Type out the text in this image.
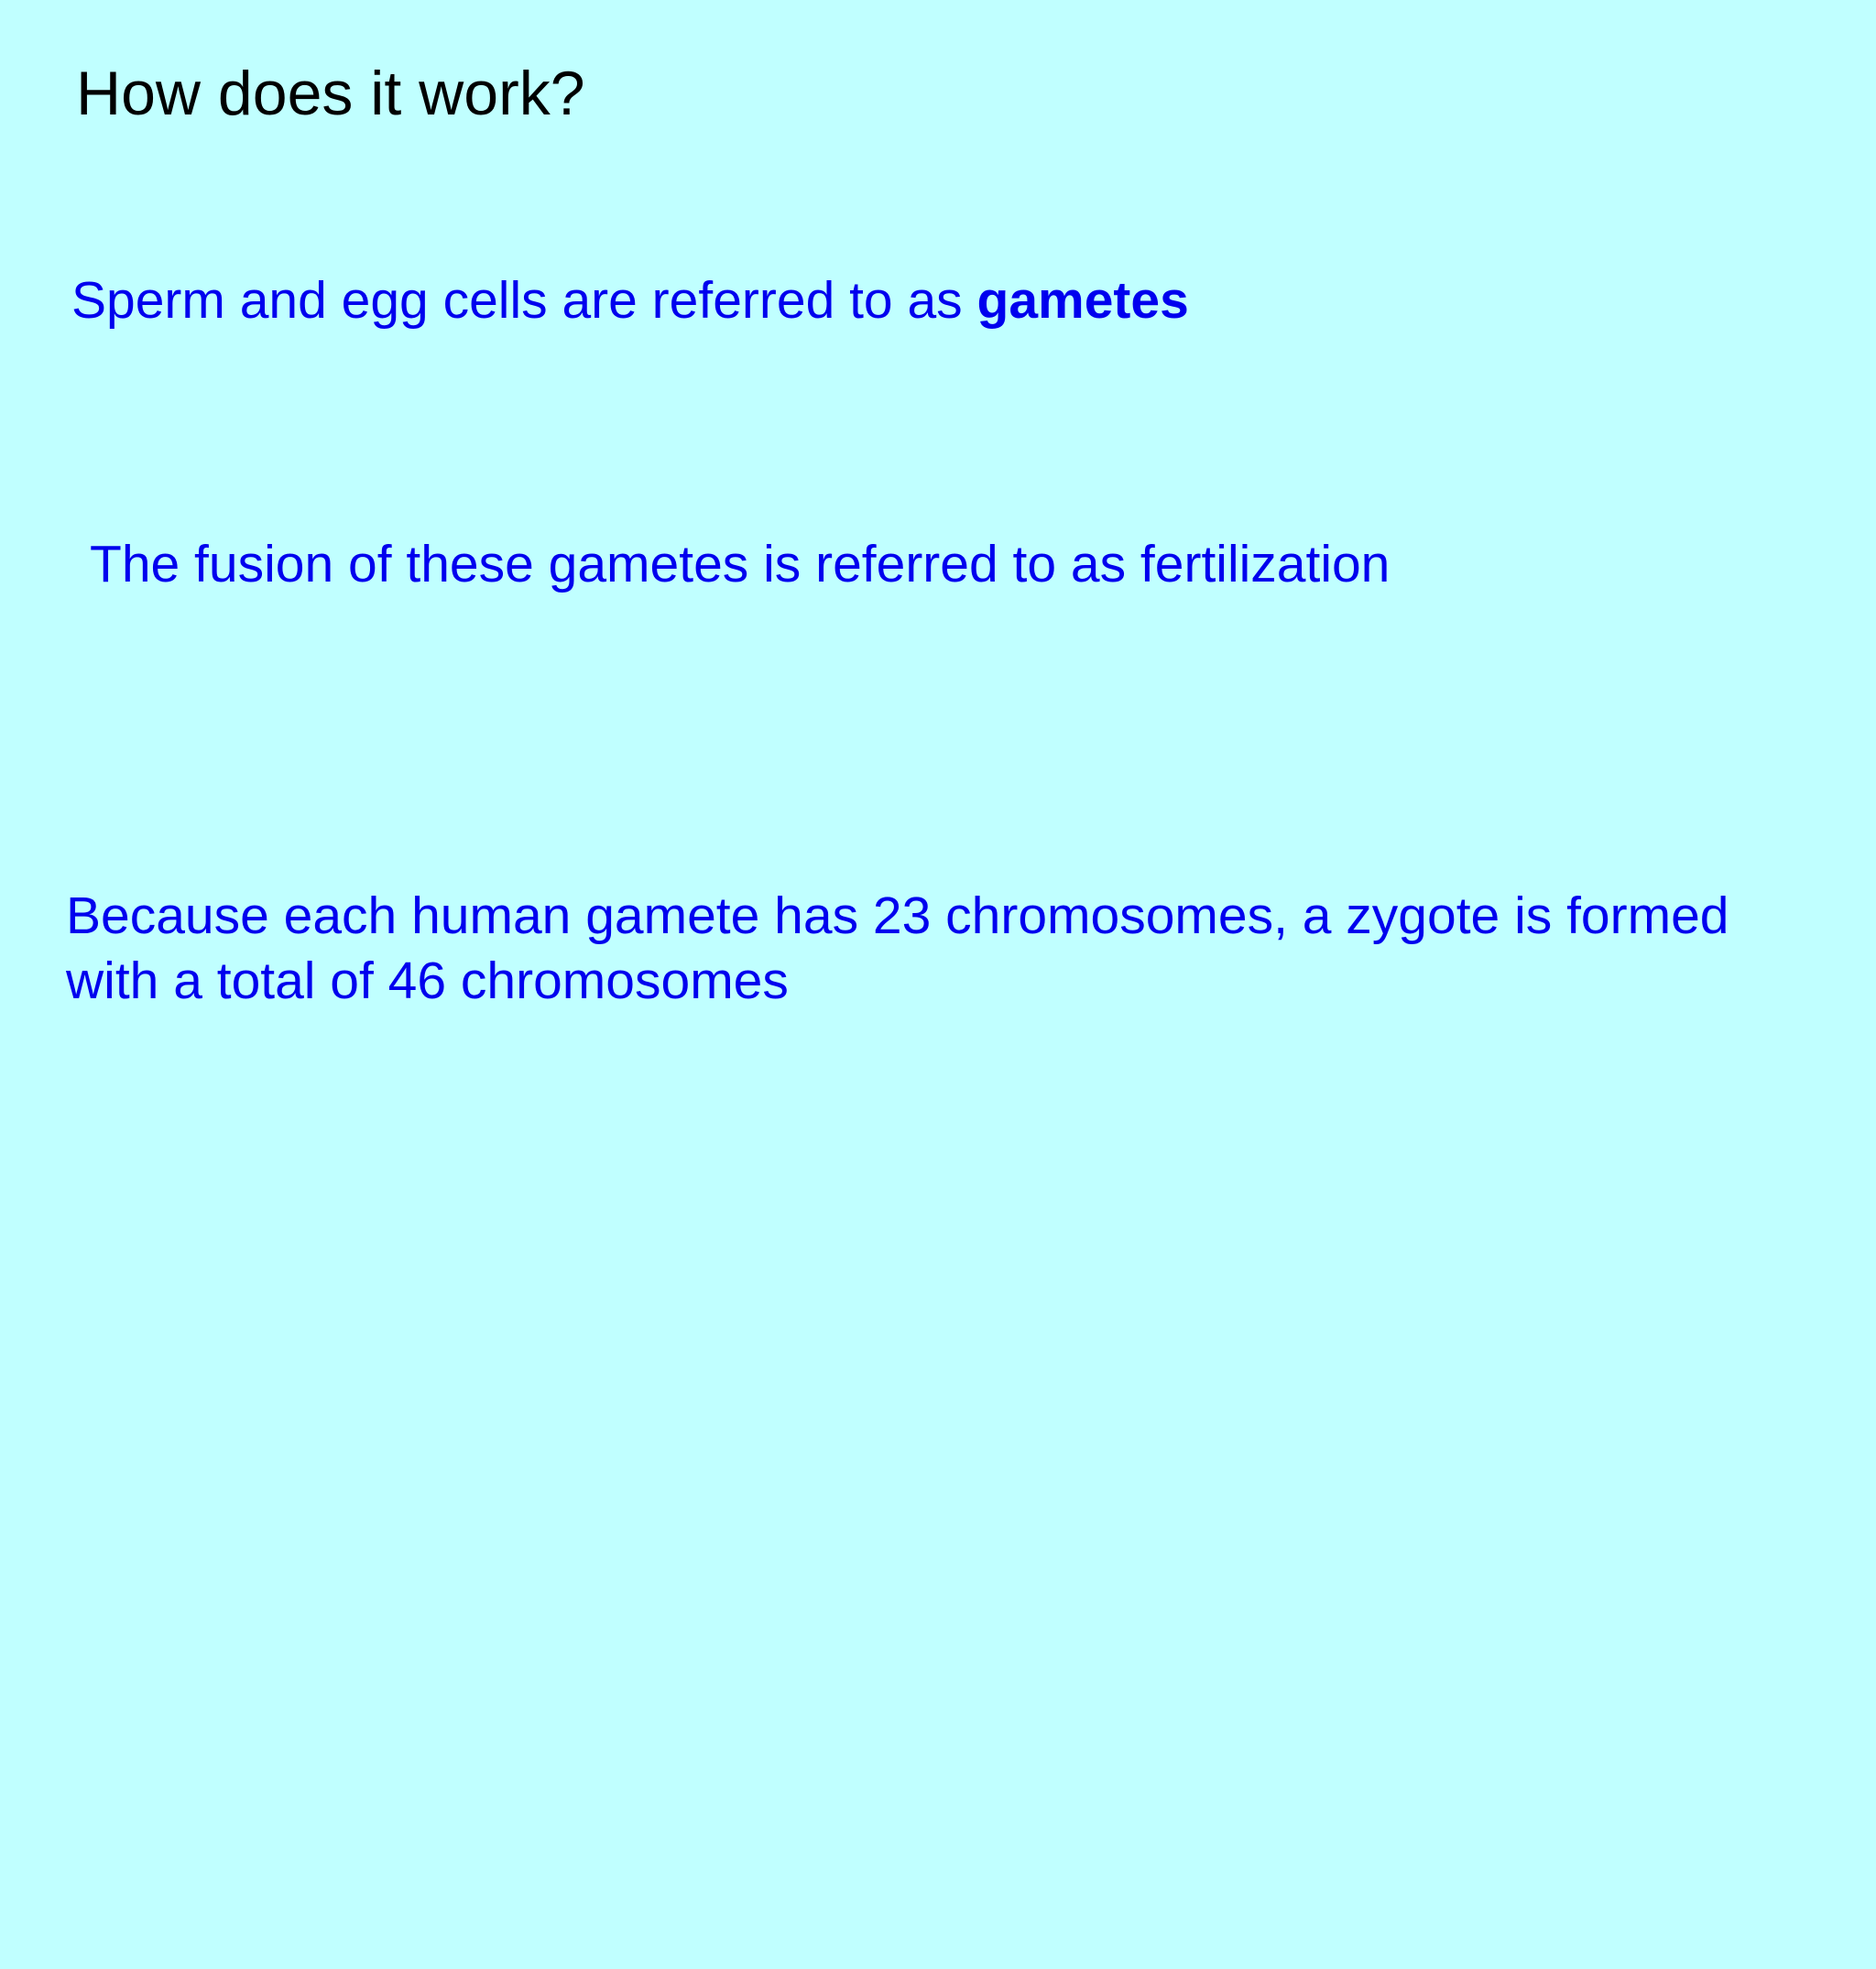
How does it work?
Sperm and egg cells are referred to as gametes
The fusion of these gametes is referred to as fertilization
Because each human gamete has 23 chromosomes, a zygote is formed
with a total of 46 chromosomes
